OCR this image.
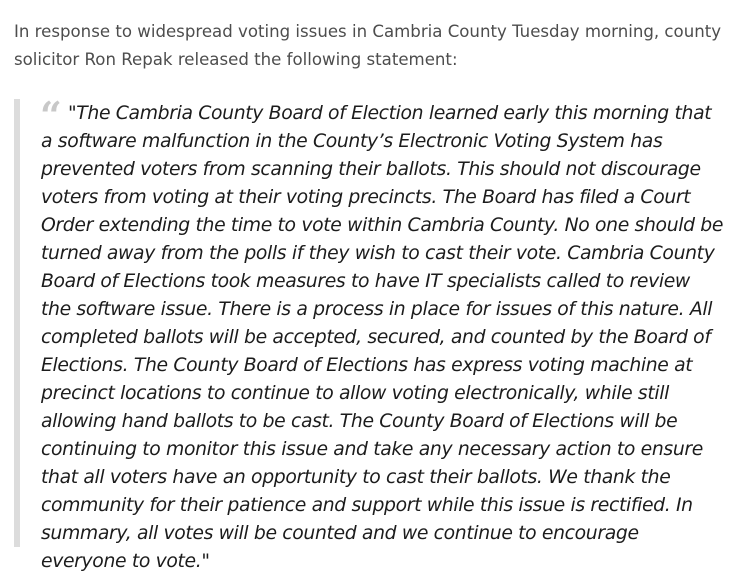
In response to widespread voting issues in Cambria County Tuesday morning, county solicitor Ron Repak released the following statement:

“ "The Cambria County Board of Election learned early this morning that a software malfunction in the County’s Electronic Voting System has prevented voters from scanning their ballots. This should not discourage voters from voting at their voting precincts. The Board has filed a Court Order extending the time to vote within Cambria County. No one should be turned away from the polls if they wish to cast their vote. Cambria County Board of Elections took measures to have IT specialists called to review the software issue. There is a process in place for issues of this nature. All completed ballots will be accepted, secured, and counted by the Board of Elections. The County Board of Elections has express voting machine at precinct locations to continue to allow voting electronically, while still allowing hand ballots to be cast. The County Board of Elections will be continuing to monitor this issue and take any necessary action to ensure that all voters have an opportunity to cast their ballots. We thank the community for their patience and support while this issue is rectified. In summary, all votes will be counted and we continue to encourage everyone to vote."
